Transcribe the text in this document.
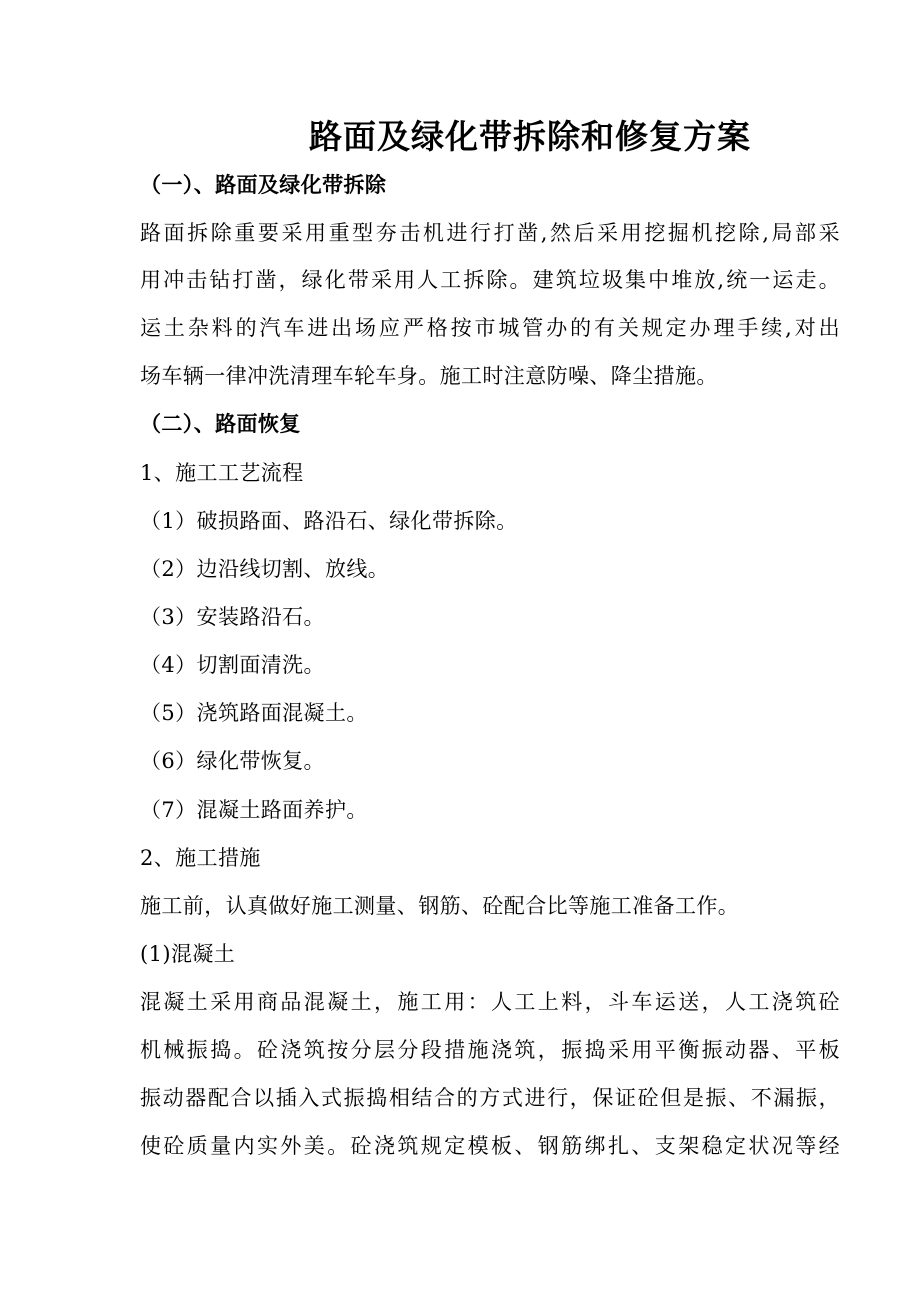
路面及绿化带拆除和修复方案
（一）、路面及绿化带拆除
路面拆除重要采用重型夯击机进行打凿,然后采用挖掘机挖除,局部采
用冲击钻打凿，绿化带采用人工拆除。建筑垃圾集中堆放,统一运走。
运土杂料的汽车进出场应严格按市城管办的有关规定办理手续,对出
场车辆一律冲洗清理车轮车身。施工时注意防噪、降尘措施。
（二）、路面恢复
1、施工工艺流程
（1）破损路面、路沿石、绿化带拆除。
（2）边沿线切割、放线。
（3）安装路沿石。
（4）切割面清洗。
（5）浇筑路面混凝土。
（6）绿化带恢复。
（7）混凝土路面养护。
2、施工措施
施工前，认真做好施工测量、钢筋、砼配合比等施工准备工作。
(1)混凝土
混凝土采用商品混凝土，施工用：人工上料，斗车运送，人工浇筑砼
机械振捣。砼浇筑按分层分段措施浇筑，振捣采用平衡振动器、平板
振动器配合以插入式振捣相结合的方式进行，保证砼但是振、不漏振，
使砼质量内实外美。砼浇筑规定模板、钢筋绑扎、支架稳定状况等经
